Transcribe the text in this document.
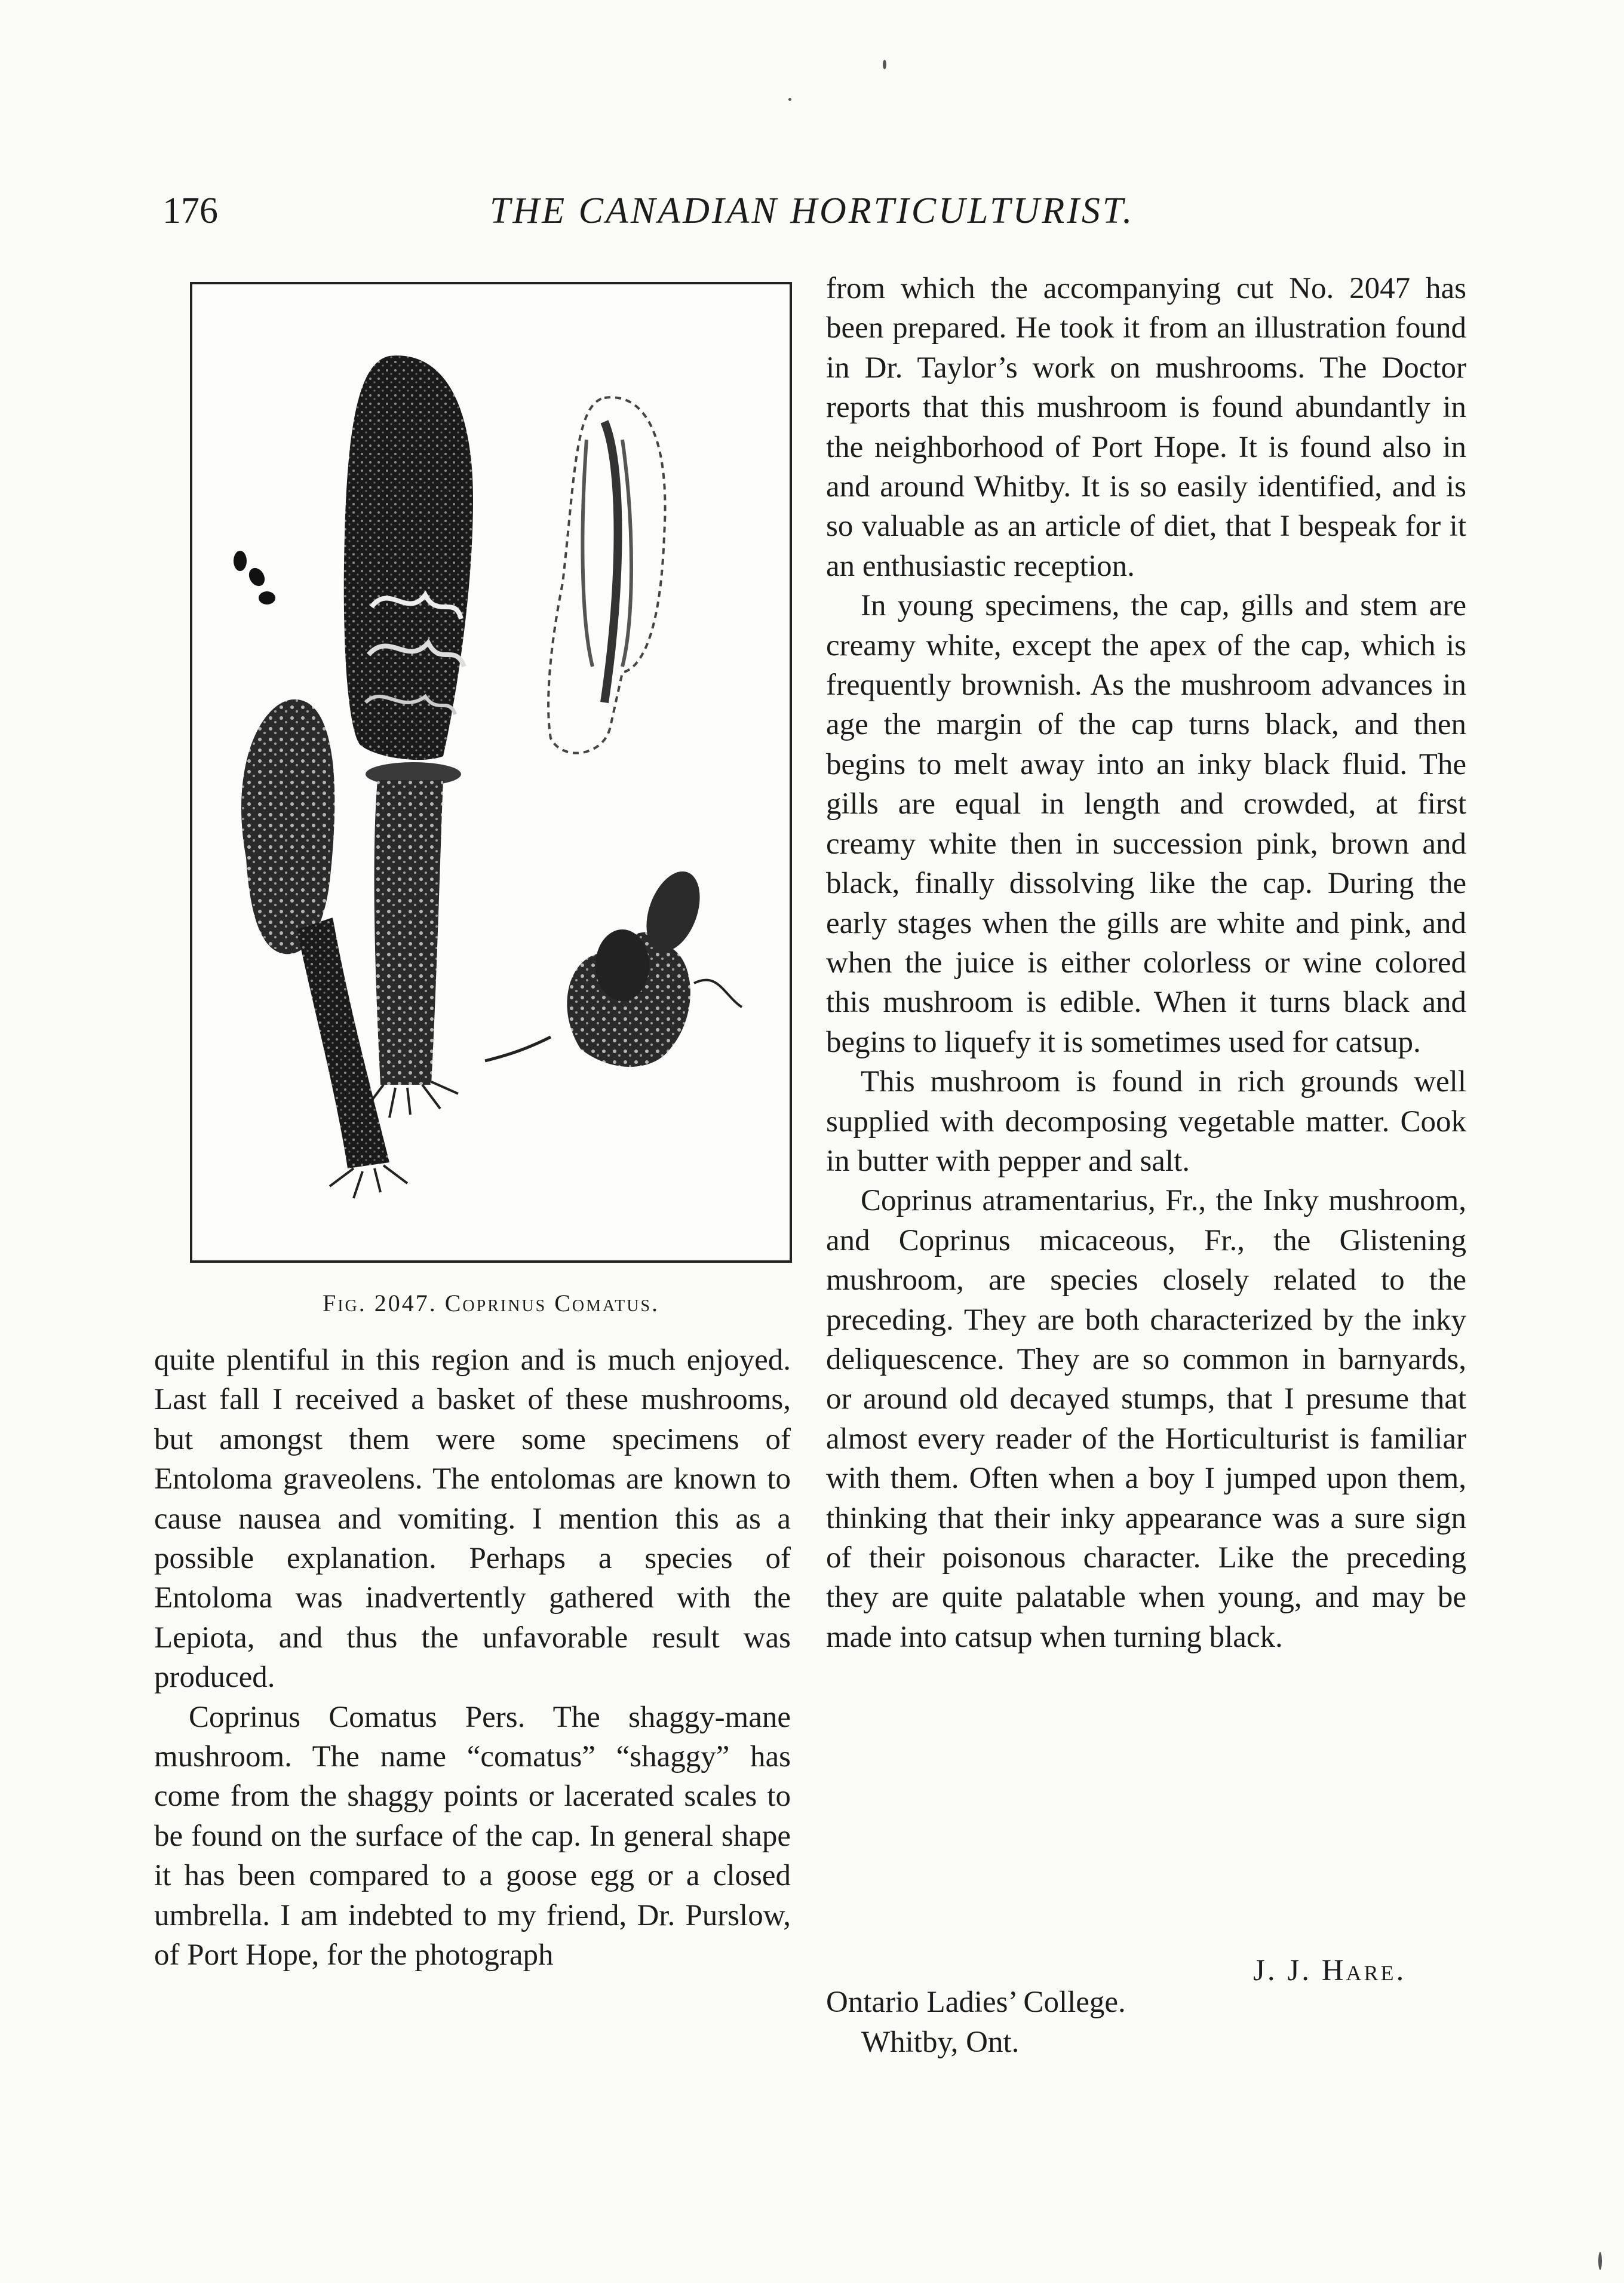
176	THE CANADIAN HORTICULTURIST.
Fig. 2047. Coprinus Comatus.

quite plentiful in this region and is much enjoyed. Last fall I received a basket of these mushrooms, but amongst them were some specimens of Entoloma graveolens. The entolomas are known to cause nausea and vomiting. I mention this as a possible explanation. Perhaps a species of Entoloma was inadvertently gathered with the Lepiota, and thus the unfavorable result was produced.

Coprinus Comatus Pers. The shaggy-mane mushroom. The name “comatus” “shaggy” has come from the shaggy points or lacerated scales to be found on the surface of the cap. In general shape it has been compared to a goose egg or a closed umbrella. I am indebted to my friend, Dr. Purslow, of Port Hope, for the photograph

from which the accompanying cut No. 2047 has been prepared. He took it from an illustration found in Dr. Taylor’s work on mushrooms. The Doctor reports that this mushroom is found abundantly in the neighborhood of Port Hope. It is found also in and around Whitby. It is so easily identified, and is so valuable as an article of diet, that I bespeak for it an enthusiastic reception.

In young specimens, the cap, gills and stem are creamy white, except the apex of the cap, which is frequently brownish. As the mushroom advances in age the margin of the cap turns black, and then begins to melt away into an inky black fluid. The gills are equal in length and crowded, at first creamy white then in succession pink, brown and black, finally dissolving like the cap. During the early stages when the gills are white and pink, and when the juice is either colorless or wine colored this mushroom is edible. When it turns black and begins to liquefy it is sometimes used for catsup.

This mushroom is found in rich grounds well supplied with decomposing vegetable matter. Cook in butter with pepper and salt.

Coprinus atramentarius, Fr., the Inky mushroom, and Coprinus micaceous, Fr., the Glistening mushroom, are species closely related to the preceding. They are both characterized by the inky deliquescence. They are so common in barnyards, or around old decayed stumps, that I presume that almost every reader of the Horticulturist is familiar with them. Often when a boy I jumped upon them, thinking that their inky appearance was a sure sign of their poisonous character. Like the preceding they are quite palatable when young, and may be made into catsup when turning black.

J. J. Hare.
Ontario Ladies’ College.
Whitby, Ont.
